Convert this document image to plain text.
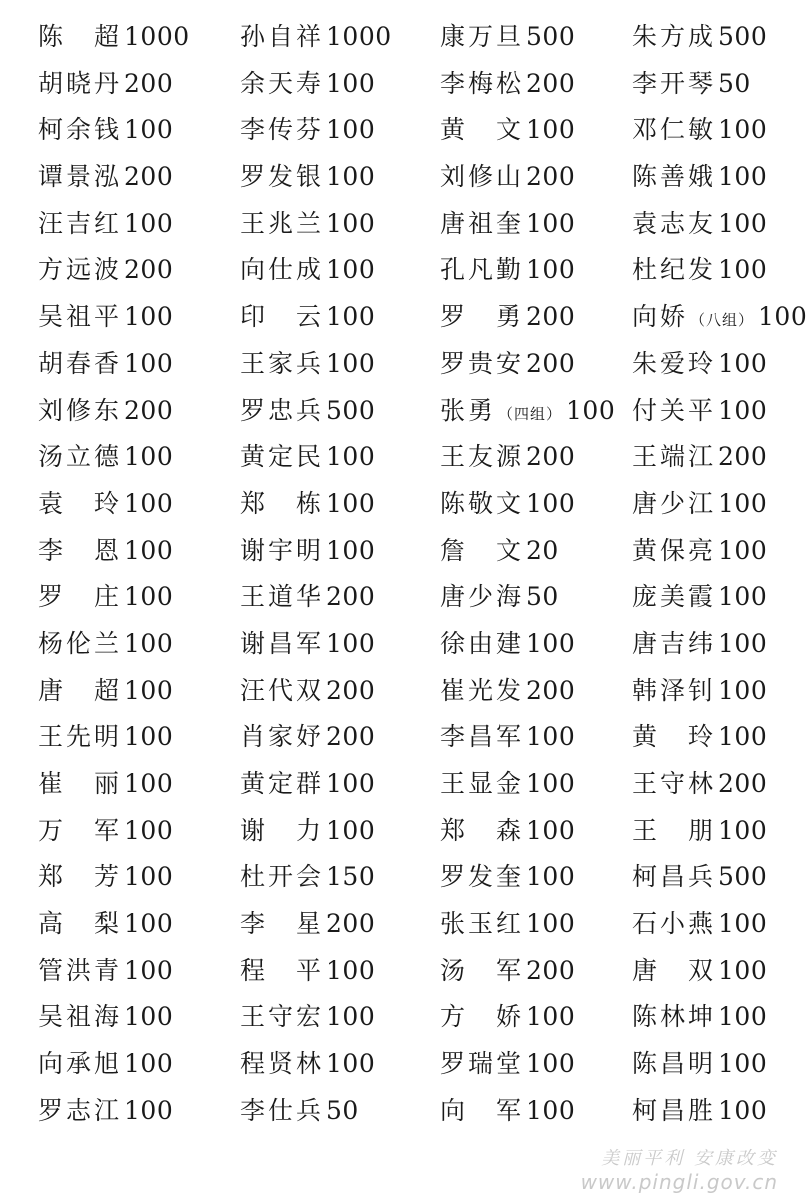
陈　超1000 孙自祥1000 康万旦500 朱方成500
胡晓丹200	余天寿100	李梅松200 李开琴50
柯余钱100	李传芬100	黄　文100 邓仁敏100
谭景泓200	罗发银100	刘修山200 陈善娥100
汪吉红100	王兆兰100	唐祖奎100 袁志友100
方远波200	向仕成100	孔凡勤100 杜纪发100
吴祖平100	印　云100	罗　勇200 向娇 （八组） 100
胡春香100	王家兵100	罗贵安200 朱爱玲100
刘修东200	罗忠兵500	张勇 （四组） 100 付关平100
汤立德100	黄定民100	王友源200 王端江200
袁　玲100	郑　栋100	陈敬文100 唐少江100
李　恩100	谢宇明100	詹　文20	黄保亮100
罗　庄100	王道华200	唐少海50	庞美霞100
杨伦兰100	谢昌军100	徐由建100 唐吉纬100
唐　超100	汪代双200	崔光发200 韩泽钊100
王先明100	肖家妤200	李昌军100 黄　玲100
崔　丽100	黄定群100	王显金100 王守林200
万　军100	谢　力100	郑　森100 王　朋100
郑　芳100	杜开会150	罗发奎100 柯昌兵500
高　梨100	李　星200	张玉红100 石小燕100
管洪青100	程　平100	汤　军200 唐　双100
吴祖海100	王守宏100	方　娇100 陈林坤100
向承旭100	程贤林100	罗瑞堂100 陈昌明100
罗志江100	李仕兵50	向　军100 柯昌胜100
美丽平利 安康改变
www.pingli.gov.cn
